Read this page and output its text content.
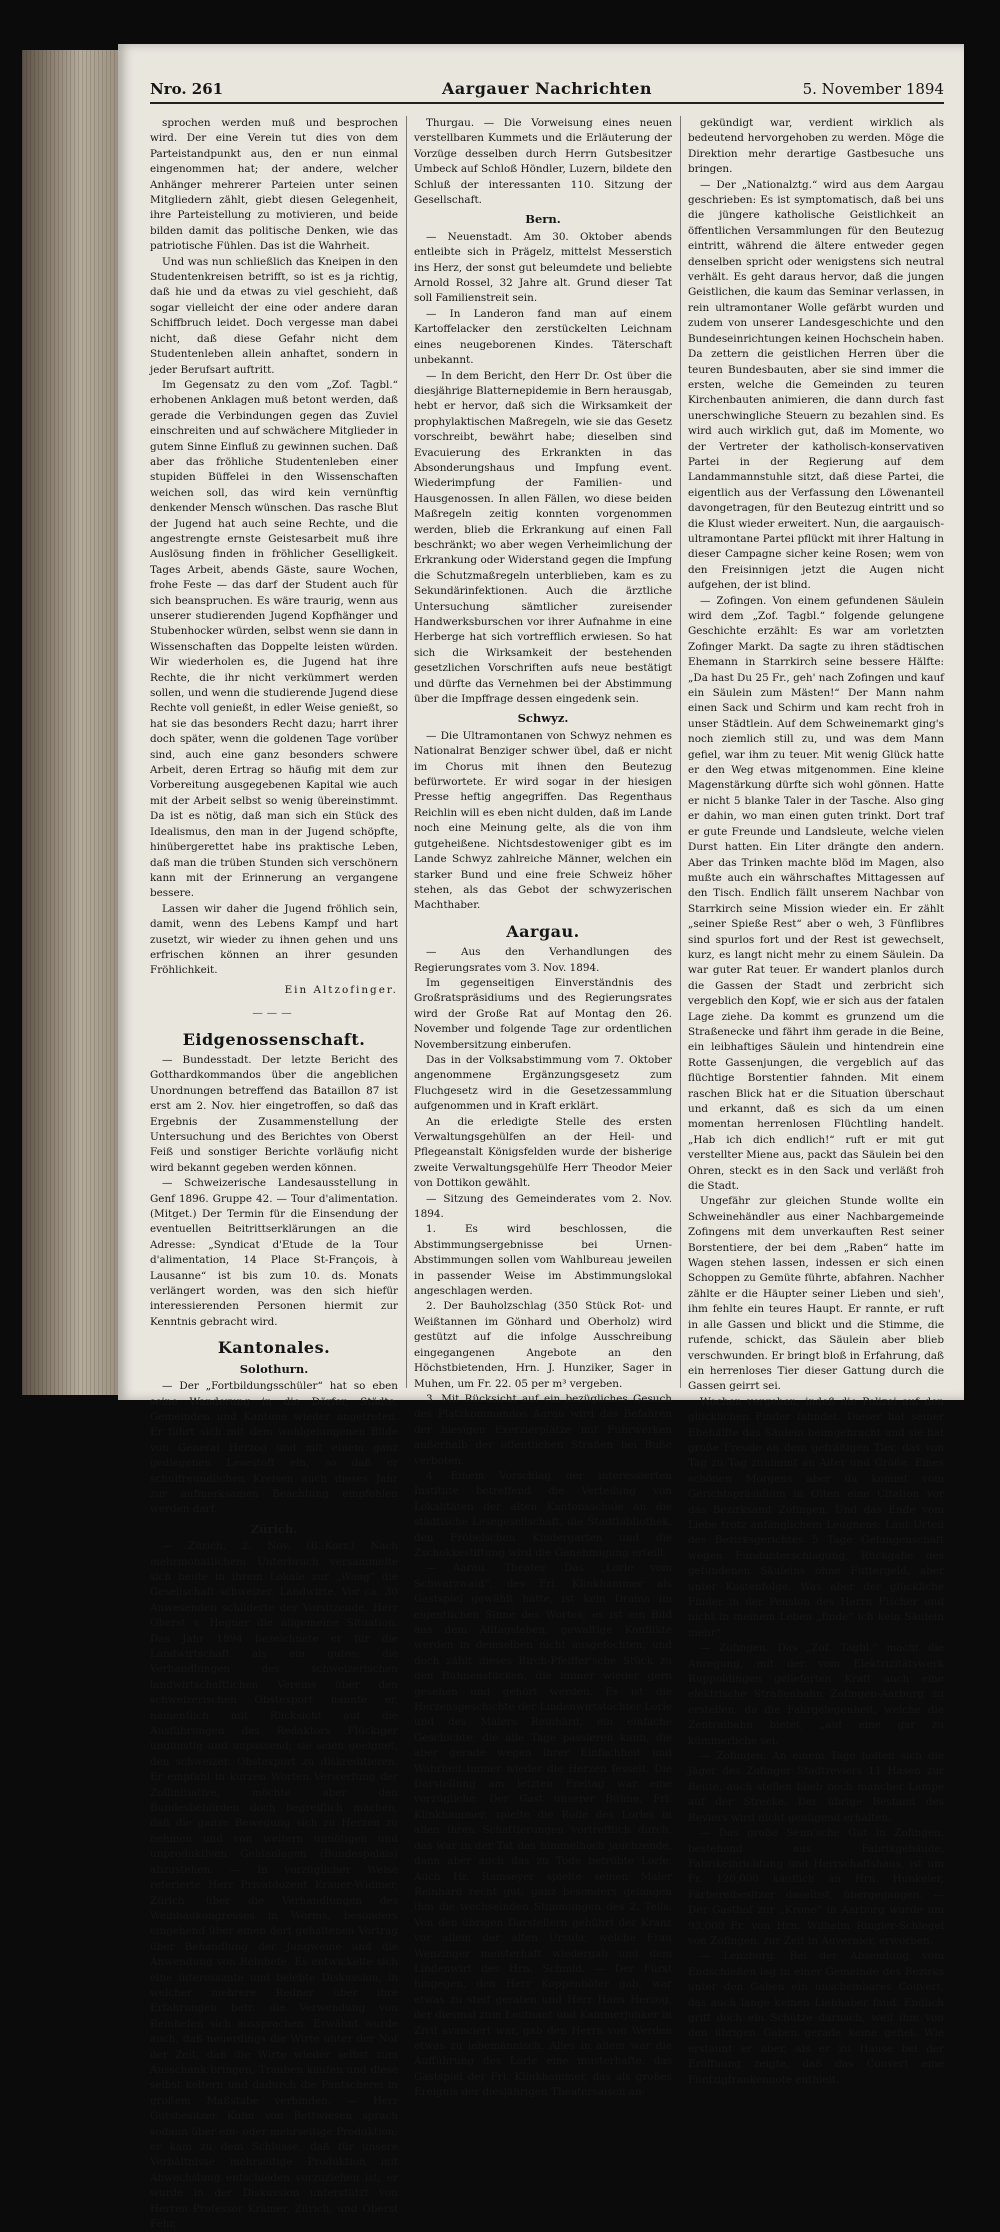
Nro. 261	Aargauer Nachrichten	5. November 1894

sprochen werden muß und besprochen wird. Der eine Verein tut dies von dem Parteistandpunkt aus, den er nun einmal eingenommen hat; der andere, welcher Anhänger mehrerer Parteien unter seinen Mitgliedern zählt, giebt diesen Gelegenheit, ihre Parteistellung zu motivieren, und beide bilden damit das politische Denken, wie das patriotische Fühlen. Das ist die Wahrheit.

Und was nun schließlich das Kneipen in den Studentenkreisen betrifft, so ist es ja richtig, daß hie und da etwas zu viel geschieht, daß sogar vielleicht der eine oder andere daran Schiffbruch leidet. Doch vergesse man dabei nicht, daß diese Gefahr nicht dem Studentenleben allein anhaftet, sondern in jeder Berufsart auftritt.

Im Gegensatz zu den vom „Zof. Tagbl.“ erhobenen Anklagen muß betont werden, daß gerade die Verbindungen gegen das Zuviel einschreiten und auf schwächere Mitglieder in gutem Sinne Einfluß zu gewinnen suchen. Daß aber das fröhliche Studentenleben einer stupiden Büffelei in den Wissenschaften weichen soll, das wird kein vernünftig denkender Mensch wünschen. Das rasche Blut der Jugend hat auch seine Rechte, und die angestrengte ernste Geistesarbeit muß ihre Auslösung finden in fröhlicher Geselligkeit. Tages Arbeit, abends Gäste, saure Wochen, frohe Feste — das darf der Student auch für sich beanspruchen. Es wäre traurig, wenn aus unserer studierenden Jugend Kopfhänger und Stubenhocker würden, selbst wenn sie dann in Wissenschaften das Doppelte leisten würden. Wir wiederholen es, die Jugend hat ihre Rechte, die ihr nicht verkümmert werden sollen, und wenn die studierende Jugend diese Rechte voll genießt, in edler Weise genießt, so hat sie das besonders Recht dazu; harrt ihrer doch später, wenn die goldenen Tage vorüber sind, auch eine ganz besonders schwere Arbeit, deren Ertrag so häufig mit dem zur Vorbereitung ausgegebenen Kapital wie auch mit der Arbeit selbst so wenig übereinstimmt. Da ist es nötig, daß man sich ein Stück des Idealismus, den man in der Jugend schöpfte, hinübergerettet habe ins praktische Leben, daß man die trüben Stunden sich verschönern kann mit der Erinnerung an vergangene bessere.

Lassen wir daher die Jugend fröhlich sein, damit, wenn des Lebens Kampf und hart zusetzt, wir wieder zu ihnen gehen und uns erfrischen können an ihrer gesunden Fröhlichkeit.

Ein Altzofinger.

———
Eidgenossenschaft.

— Bundesstadt. Der letzte Bericht des Gotthardkommandos über die angeblichen Unordnungen betreffend das Bataillon 87 ist erst am 2. Nov. hier eingetroffen, so daß das Ergebnis der Zusammenstellung der Untersuchung und des Berichtes von Oberst Feiß und sonstiger Berichte vorläufig nicht wird bekannt gegeben werden können.

— Schweizerische Landesausstellung in Genf 1896. Gruppe 42. — Tour d'alimentation. (Mitget.) Der Termin für die Einsendung der eventuellen Beitrittserklärungen an die Adresse: „Syndicat d'Etude de la Tour d'alimentation, 14 Place St-François, à Lausanne“ ist bis zum 10. ds. Monats verlängert worden, was den sich hiefür interessierenden Personen hiermit zur Kenntnis gebracht wird.

Kantonales.
Solothurn.

— Der „Fortbildungsschüler“ hat so eben seine Wanderung in die Dörfer, Städte, Gemeinden und Kantone wieder angetreten. Er führt sich mit dem wohlgelungenen Bilde von General Herzog und mit einem ganz gediegenen Lesestoff ein, so daß er schulfreundlichen Kreisen auch dieses Jahr zur aufmerksamen Beachtung empfohlen werden darf.

Zürich.

— Zürich, 2. Nov. (B.-Korr.) Nach mehrmonatlichem Unterbruch versammelte sich heute in ihrem Lokale zur „Waag“ die Gesellschaft schweizer. Landwirte. Vor ca. 30 Anwesenden schilderte der Vorsitzende, Herr Oberst v. Hegner die allgemeine Situation. Das Jahr 1894 bezeichnete er für die Landwirtschaft als ein gutes; die Verhandlungen des schweizerischen landwirtschaftlichen Vereins über den schweizerischen Obstexport nannte er, namentlich mit Rücksicht auf die Ausführungen des Redaktors Flückiger ungünstig und unpassend; sie seien geeignet, den schweizer. Obstexport zu diskreditieren. Er empfahl in kurzen Worten Verwerfung der Zollinitiative, möchte aber den Bundesbehörden doch begreiflich machen, daß die ganze Bewegung sich zu Herzen zu nehmen und von weitern unnötigen und unproduktiven Geldanlagen (Bundespalais) abzustehen. — In vorzüglicher Weise referierte Herr Privatdozent Krauer-Widmer, Zürich, über die Verhandlungen des Weinbaukongresses in Worms, besonders eingehend über einen dort gehaltenen Vortrag über Behandlung der Jungweine und die Anwendung von Reinhefe. Es entwickelte sich eine interessante und belebte Diskussion, in welcher mehrere Redner über ihre Erfahrungen betr. die Verwendung von Reinhefen sich aussprachen. Erwähnt wurde auch, daß neuerdings die Wirte unter der Not der Zeit, daß die Wirte wieder selbst zum Ausschank bringen, Trauben kaufen und diese selbst keltern und dadurch die Pantscherei in großem Maßstabe verbinden. — Herr Gutsbesitzer Kuhn von Bettwiesen sprach sodann über ein- oder mehrseitige Produktion; er kam zu dem Schlusse, daß für unsere Verhältnisse mehrseitige Produktion mit Abwechslung entschieden vorzuziehen ist; er wurde in der Diskussion unterstützt von Herren Professor Krämer, Zürich, und Oberst Fehr,

Thurgau. — Die Vorweisung eines neuen verstellbaren Kummets und die Erläuterung der Vorzüge desselben durch Herrn Gutsbesitzer Umbeck auf Schloß Höndler, Luzern, bildete den Schluß der interessanten 110. Sitzung der Gesellschaft.

Bern.

— Neuenstadt. Am 30. Oktober abends entleibte sich in Prägelz, mittelst Messerstich ins Herz, der sonst gut beleumdete und beliebte Arnold Rossel, 32 Jahre alt. Grund dieser Tat soll Familienstreit sein.

— In Landeron fand man auf einem Kartoffelacker den zerstückelten Leichnam eines neugeborenen Kindes. Täterschaft unbekannt.

— In dem Bericht, den Herr Dr. Ost über die diesjährige Blatternepidemie in Bern herausgab, hebt er hervor, daß sich die Wirksamkeit der prophylaktischen Maßregeln, wie sie das Gesetz vorschreibt, bewährt habe; dieselben sind Evacuierung des Erkrankten in das Absonderungshaus und Impfung event. Wiederimpfung der Familien- und Hausgenossen. In allen Fällen, wo diese beiden Maßregeln zeitig konnten vorgenommen werden, blieb die Erkrankung auf einen Fall beschränkt; wo aber wegen Verheimlichung der Erkrankung oder Widerstand gegen die Impfung die Schutzmaßregeln unterblieben, kam es zu Sekundärinfektionen. Auch die ärztliche Untersuchung sämtlicher zureisender Handwerksburschen vor ihrer Aufnahme in eine Herberge hat sich vortrefflich erwiesen. So hat sich die Wirksamkeit der bestehenden gesetzlichen Vorschriften aufs neue bestätigt und dürfte das Vernehmen bei der Abstimmung über die Impffrage dessen eingedenk sein.

Schwyz.

— Die Ultramontanen von Schwyz nehmen es Nationalrat Benziger schwer übel, daß er nicht im Chorus mit ihnen den Beutezug befürwortete. Er wird sogar in der hiesigen Presse heftig angegriffen. Das Regenthaus Reichlin will es eben nicht dulden, daß im Lande noch eine Meinung gelte, als die von ihm gutgeheißene. Nichtsdestoweniger gibt es im Lande Schwyz zahlreiche Männer, welchen ein starker Bund und eine freie Schweiz höher stehen, als das Gebot der schwyzerischen Machthaber.

Aargau.

— Aus den Verhandlungen des Regierungsrates vom 3. Nov. 1894.

Im gegenseitigen Einverständnis des Großratspräsidiums und des Regierungsrates wird der Große Rat auf Montag den 26. November und folgende Tage zur ordentlichen Novembersitzung einberufen.

Das in der Volksabstimmung vom 7. Oktober angenommene Ergänzungsgesetz zum Fluchgesetz wird in die Gesetzessammlung aufgenommen und in Kraft erklärt.

An die erledigte Stelle des ersten Verwaltungsgehülfen an der Heil- und Pflegeanstalt Königsfelden wurde der bisherige zweite Verwaltungsgehülfe Herr Theodor Meier von Dottikon gewählt.

— Sitzung des Gemeinderates vom 2. Nov. 1894.

1. Es wird beschlossen, die Abstimmungsergebnisse bei Urnen-Abstimmungen sollen vom Wahlbureau jeweilen in passender Weise im Abstimmungslokal angeschlagen werden.

2. Der Bauholzschlag (350 Stück Rot- und Weißtannen im Gönhard und Oberholz) wird gestützt auf die infolge Ausschreibung eingegangenen Angebote an den Höchstbietenden, Hrn. J. Hunziker, Sager in Muhen, um Fr. 22. 05 per m³ vergeben.

3. Mit Rücksicht auf ein bezügliches Gesuch des Platzkommandos Aarau wird das Befahren der hiesigen Exerzierplätze mit Fuhrwerken außerhalb der öffentlichen Straßen bei Buße verboten.

4. Einem Vorschlag der interessierten Institute betreffend die Verteilung von Lokalitäten der alten Kantonsschule an die städtische Lesegesellschaft, die Stadtbibliothek, den Fröbelschen Kindergarten und die Zschokkestiftung wird die Genehmigung erteilt.

— Aarau. Theater. Das „Lorle vom Schwarzwald“, des Frl. Klinkhammer als Gastspiel gewählt hatte, ist kein Drama im eigentlichen Sinne des Wortes; es ist ein Bild aus dem Alltagsleben; gewaltige Konflikte werden in demselben nicht ausgefochten, und doch zählt dieses Birch-Pfeiffer'sche Stück zu den Bühnenstücken, die immer wieder gern gesehen und gehört werden. Es ist die Herzensgeschichte der Lindenwirtstochter Lorle und des Malers Reinhard, ein einfache Geschichte, die alle Tage passieren kann, die aber gerade wegen ihrer Einfachheit und Wahrheit immer wieder die Herzen fesselt. Die Darstellung am letzten Freitag war eine vorzügliche. Der Gast unserer Bühne, Frl. Klinkhammer, spielte die Rolle des Lorles in allen ihren Schattierungen vortrefflich durch, das war in der Tat das himmelhoch jauchzende, dann aber auch das zu Tode betrübte Lorle. Auch Hr. Ramseyer spielte seinen Maler Reinhard recht gut; ganz besonders gelangen ihm die wechselnden Stimmungen des 2. Teils. Von den übrigen Darstellern gebührt der Kranz vor allem der alten Ursula, welche Frau Wenzinger meisterhaft wiedergab und dem Lindenwirt des Hrn. Schmid. — Der Fürst hingegen, den Herr Koppenhöfer gab, war etwas zu steif geraten und Herr Hans Herzog, der diesmal zum Leutnant und Kammerjunker in Zivil avanciert war, gab den Herrn von Werden etwas zu lebemännisch. Alles in allem war die Aufführung des Lorle eine musterhafte, das Gastspiel der Frl. Klinkhammer, das als großes Ereignis der diesjährigen Theatersaison an-

gekündigt war, verdient wirklich als bedeutend hervorgehoben zu werden. Möge die Direktion mehr derartige Gastbesuche uns bringen.

— Der „Nationalztg.“ wird aus dem Aargau geschrieben: Es ist symptomatisch, daß bei uns die jüngere katholische Geistlichkeit an öffentlichen Versammlungen für den Beutezug eintritt, während die ältere entweder gegen denselben spricht oder wenigstens sich neutral verhält. Es geht daraus hervor, daß die jungen Geistlichen, die kaum das Seminar verlassen, in rein ultramontaner Wolle gefärbt wurden und zudem von unserer Landesgeschichte und den Bundeseinrichtungen keinen Hochschein haben. Da zettern die geistlichen Herren über die teuren Bundesbauten, aber sie sind immer die ersten, welche die Gemeinden zu teuren Kirchenbauten animieren, die dann durch fast unerschwingliche Steuern zu bezahlen sind. Es wird auch wirklich gut, daß im Momente, wo der Vertreter der katholisch-konservativen Partei in der Regierung auf dem Landammannstuhle sitzt, daß diese Partei, die eigentlich aus der Verfassung den Löwenanteil davongetragen, für den Beutezug eintritt und so die Klust wieder erweitert. Nun, die aargauisch-ultramontane Partei pflückt mit ihrer Haltung in dieser Campagne sicher keine Rosen; wem von den Freisinnigen jetzt die Augen nicht aufgehen, der ist blind.

— Zofingen. Von einem gefundenen Säulein wird dem „Zof. Tagbl.“ folgende gelungene Geschichte erzählt: Es war am vorletzten Zofinger Markt. Da sagte zu ihren städtischen Ehemann in Starrkirch seine bessere Hälfte: „Da hast Du 25 Fr., geh' nach Zofingen und kauf ein Säulein zum Mästen!“ Der Mann nahm einen Sack und Schirm und kam recht froh in unser Städtlein. Auf dem Schweinemarkt ging's noch ziemlich still zu, und was dem Mann gefiel, war ihm zu teuer. Mit wenig Glück hatte er den Weg etwas mitgenommen. Eine kleine Magenstärkung dürfte sich wohl gönnen. Hatte er nicht 5 blanke Taler in der Tasche. Also ging er dahin, wo man einen guten trinkt. Dort traf er gute Freunde und Landsleute, welche vielen Durst hatten. Ein Liter drängte den andern. Aber das Trinken machte blöd im Magen, also mußte auch ein währschaftes Mittagessen auf den Tisch. Endlich fällt unserem Nachbar von Starrkirch seine Mission wieder ein. Er zählt „seiner Spieße Rest“ aber o weh, 3 Fünflibres sind spurlos fort und der Rest ist gewechselt, kurz, es langt nicht mehr zu einem Säulein. Da war guter Rat teuer. Er wandert planlos durch die Gassen der Stadt und zerbricht sich vergeblich den Kopf, wie er sich aus der fatalen Lage ziehe. Da kommt es grunzend um die Straßenecke und fährt ihm gerade in die Beine, ein leibhaftiges Säulein und hintendrein eine Rotte Gassenjungen, die vergeblich auf das flüchtige Borstentier fahnden. Mit einem raschen Blick hat er die Situation überschaut und erkannt, daß es sich da um einen momentan herrenlosen Flüchtling handelt. „Hab ich dich endlich!“ ruft er mit gut verstellter Miene aus, packt das Säulein bei den Ohren, steckt es in den Sack und verläßt froh die Stadt.

Ungefähr zur gleichen Stunde wollte ein Schweinehändler aus einer Nachbargemeinde Zofingens mit dem unverkauften Rest seiner Borstentiere, der bei dem „Raben“ hatte im Wagen stehen lassen, indessen er sich einen Schoppen zu Gemüte führte, abfahren. Nachher zählte er die Häupter seiner Lieben und sieh', ihm fehlte ein teures Haupt. Er rannte, er ruft in alle Gassen und blickt und die Stimme, die rufende, schickt, das Säulein aber blieb verschwunden. Er bringt bloß in Erfahrung, daß ein herrenloses Tier dieser Gattung durch die Gassen geirrt sei.

Wochen vergehen, indeß die Polizei auf den glücklichen Finder fahndet. Dieser hat seiner Ehehälfte das Säulein heimgebracht und sie hat große Freude an dem gefräßigen Tier, das von Tag zu Tag zunimmt an Alter und Größe. Eines schönen Morgens aber da kommt vom Gerichtspräsidium in Olten eine Citation vor das Bezirksamt Zofingen. Und das Ende vom Liebe trotz anfänglichem Leugnens: Laut Urteil des Bezirksgerichtes 5 Tage Gefangenschaft wegen Fundunterschlagung, Rückgabe des gefundenen Säuleins ohne Futtergeld, aber unter Kostenfolge. Was aber der glückliche Finder in der Pension des Herrn Fischer und nicht in meinem Leben „finde“ ich kein Säulein mehr“.

— Zofingen. Das „Zof. Tagbl.“ macht die Anregung, mit der vom Elektrizitätswerk Ruppoldingen gelieferten Kraft auch eine elektrische Straßenbahn Zofingen-Aarburg zu erstellen, da die Fahrgelegenheit, welche die Zentralbahn bietet, „auf eine gar zu kümmerliche sei.

— Zofingen. An einem Tage holten sich die Jäger des Zofinger Stadtreviers 11 Hasen zur Beute, auch stellen blieb noch mancher Lampe auf der Strecke. Der übrige Bestand des Reviers wird nicht genügend erhalten.

— Das große Senn'sche Gut in Zofingen, bestehend aus Fabrikgebäude, Fabrikeinrichtung und Herrschaftshaus, ist um Fr. 120,000 käuflich an Hrn. Hunkeler, Färbereibesitzer daselbst, übergegangen. — Der Gasthof zur „Krone“ in Aarburg wurde um 93,000 Fr. von Hrn. Wilhelm Ringier-Schlegel von Zofingen, zur Zeit in Auvernier, erworben.

— Lenzburg. Bei der Absendung vom Endschießen lag in einer Gemeinde des Bezirks unter den Gaben ein unscheinbares Couvert, das auch lange keinen Liebhaber fand. Endlich griff doch ein Schütze darnach, weil ihm von den übrigen Gaben gerade keine gefiel. Wie erstaunt er aber, als er zu Hause bei der Eröffnung zeigte, daß das Couvert eine Fünfzigfrankennote enthielt.
